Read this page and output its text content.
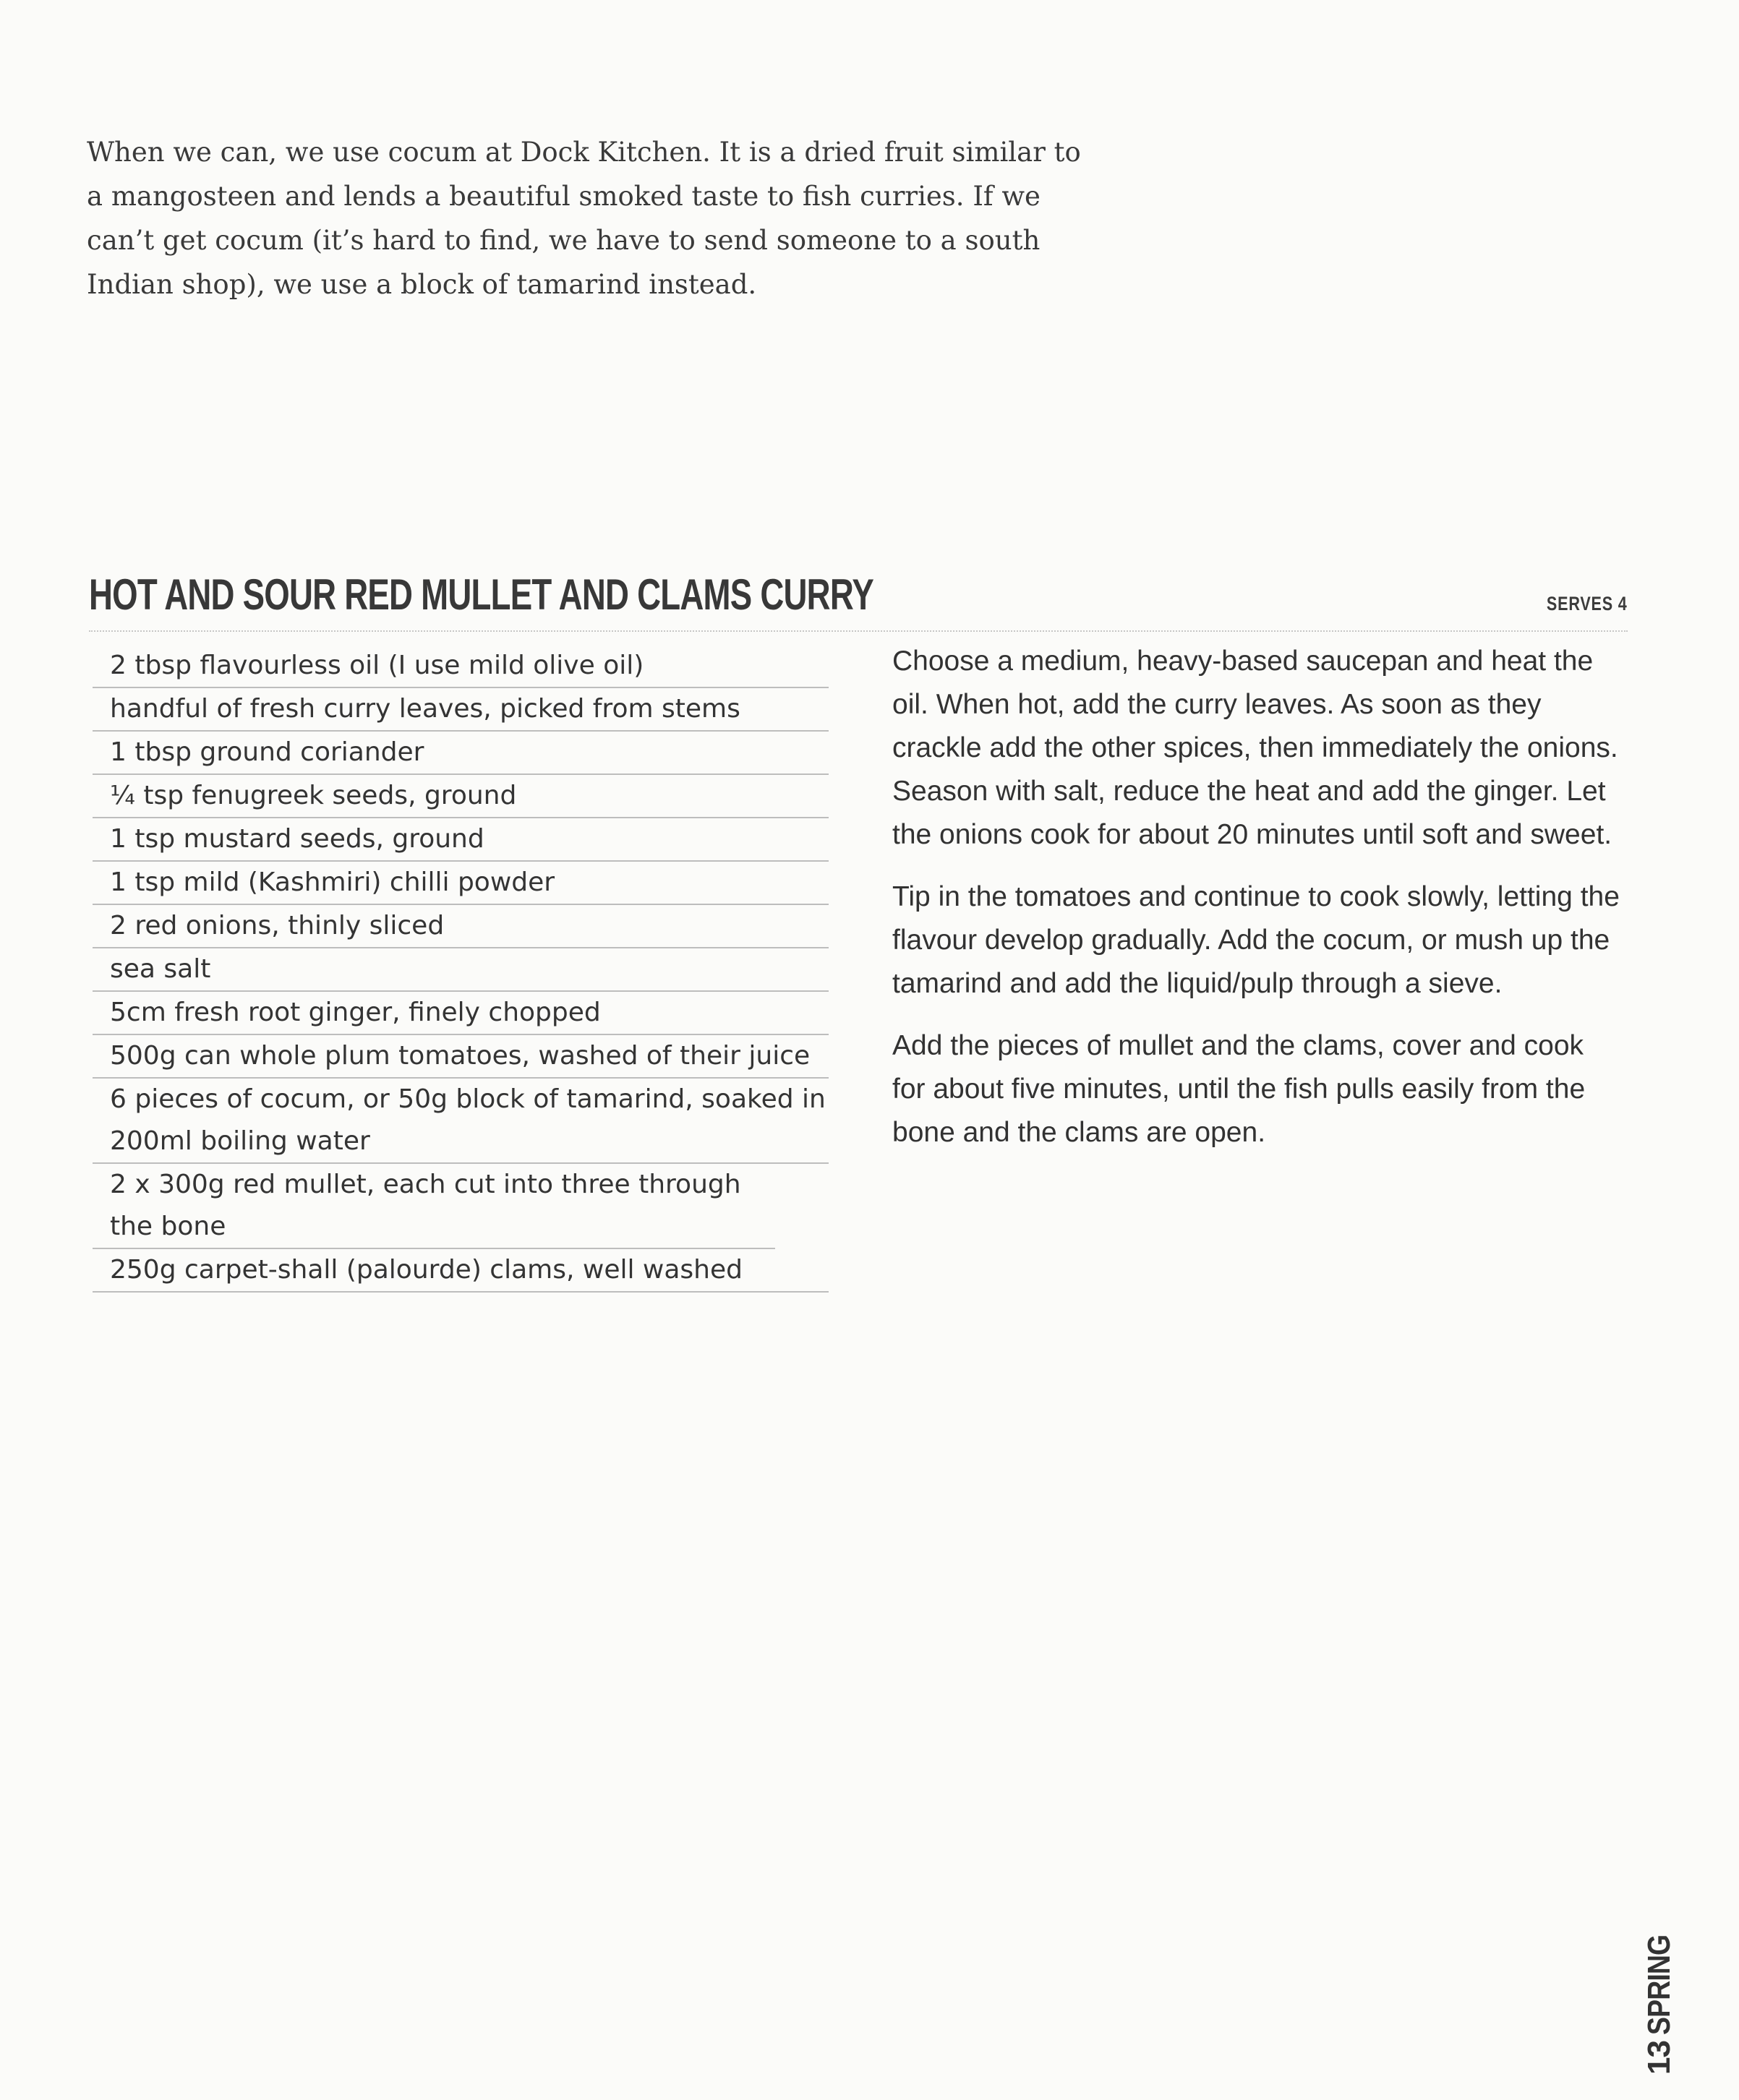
When we can, we use cocum at Dock Kitchen. It is a dried fruit similar to a mangosteen and lends a beautiful smoked taste to fish curries. If we can’t get cocum (it’s hard to find, we have to send someone to a south Indian shop), we use a block of tamarind instead.

HOT AND SOUR RED MULLET AND CLAMS CURRY	SERVES 4
2 tbsp flavourless oil (I use mild olive oil)
handful of fresh curry leaves, picked from stems
1 tbsp ground coriander
¼ tsp fenugreek seeds, ground
1 tsp mustard seeds, ground
1 tsp mild (Kashmiri) chilli powder
2 red onions, thinly sliced
sea salt
5cm fresh root ginger, finely chopped
500g can whole plum tomatoes, washed of their juice
6 pieces of cocum, or 50g block of tamarind, soaked in 200ml boiling water
2 x 300g red mullet, each cut into three through the bone
250g carpet-shall (palourde) clams, well washed

Choose a medium, heavy-based saucepan and heat the oil. When hot, add the curry leaves. As soon as they crackle add the other spices, then immediately the onions. Season with salt, reduce the heat and add the ginger. Let the onions cook for about 20 minutes until soft and sweet.

Tip in the tomatoes and continue to cook slowly, letting the flavour develop gradually. Add the cocum, or mush up the tamarind and add the liquid/pulp through a sieve.

Add the pieces of mullet and the clams, cover and cook for about five minutes, until the fish pulls easily from the bone and the clams are open.

13SPRING
